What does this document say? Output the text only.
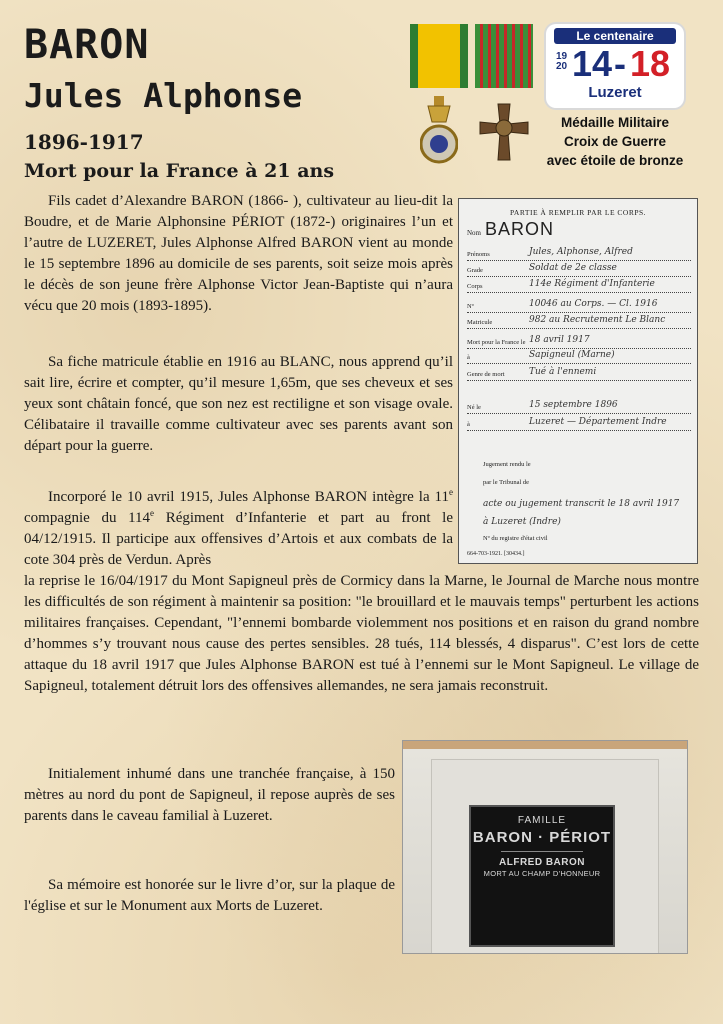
BARON
Jules Alphonse
1896-1917
Mort pour la France à 21 ans
Le centenaire
19
20 14 - 18
Luzeret
Médaille Militaire
Croix de Guerre
avec étoile de bronze
Fils cadet d’Alexandre BARON (1866- ), cultivateur au lieu-dit la Boudre, et de Marie Alphonsine PÉRIOT (1872-) originaires l’un et l’autre de LUZERET, Jules Alphonse Alfred BARON vient au monde le 15 septembre 1896 au domicile de ses parents, soit seize mois après le décès de son jeune frère Alphonse Victor Jean-Baptiste qui n’aura vécu que 20 mois (1893-1895).
Sa fiche matricule établie en 1916 au BLANC, nous apprend qu’il sait lire, écrire et compter, qu’il mesure 1,65m, que ses cheveux et ses yeux sont châtain foncé, que son nez est rectiligne et son visage ovale. Célibataire il travaille comme cultivateur avec ses parents avant son départ pour la guerre.
Incorporé le 10 avril 1915, Jules Alphonse BARON intègre la 11e compagnie du 114e Régiment d’Infanterie et part au front le 04/12/1915. Il participe aux offensives d’Artois et aux combats de la cote 304 près de Verdun. Après
la reprise le 16/04/1917 du Mont Sapigneul près de Cormicy dans la Marne, le Journal de Marche nous montre les difficultés de son régiment à maintenir sa position: "le brouillard et le mauvais temps" perturbent les actions militaires françaises. Cependant, "l’ennemi bombarde violemment nos positions et en raison du grand nombre d’hommes s’y trouvant nous cause des pertes sensibles. 28 tués, 114 blessés, 4 disparus". C’est lors de cette attaque du 18 avril 1917 que Jules Alphonse BARON est tué à l’ennemi sur le Mont Sapigneul. Le village de Sapigneul, totalement détruit lors des offensives allemandes, ne sera jamais reconstruit.
Initialement inhumé dans une tranchée française, à 150 mètres au nord du pont de Sapigneul, il repose auprès de ses parents dans le caveau familial à Luzeret.
Sa mémoire est honorée sur le livre d’or, sur la plaque de l'église et sur le Monument aux Morts de Luzeret.
PARTIE À REMPLIR PAR LE CORPS.
Nom BARON
Prénoms	Jules, Alphonse, Alfred
Grade	Soldat de 2e classe
Corps	114e Régiment d'Infanterie
Nº	10046 au Corps. — Cl. 1916
Matricule	982 au Recrutement Le Blanc
Mort pour la France le 18 avril 1917
à	Sapigneul (Marne)
Genre de mort	Tué à l'ennemi
Né le	15 septembre 1896
à	Luzeret — Département Indre
Jugement rendu le
par le Tribunal de
acte ou jugement transcrit le 18 avril 1917
à Luzeret (Indre)
Nº du registre d'état civil
664-703-1921. [30434.]
FAMILLE
BARON · PÉRIOT
ALFRED BARON
MORT AU CHAMP D'HONNEUR
